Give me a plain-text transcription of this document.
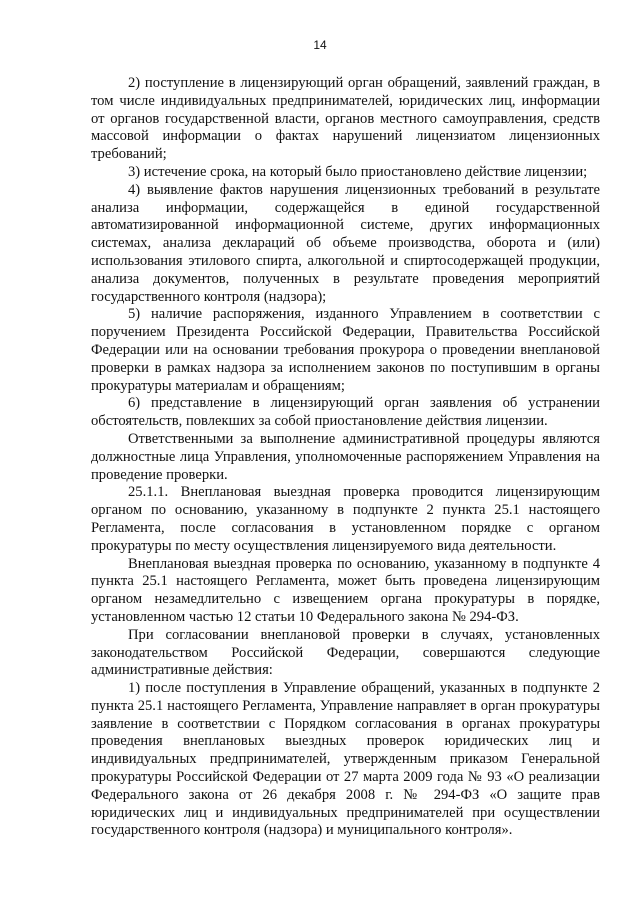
14

2) поступление в лицензирующий орган обращений, заявлений граждан, в том числе индивидуальных предпринимателей, юридических лиц, информации от органов государственной власти, органов местного самоуправления, средств массовой информации о фактах нарушений лицензиатом лицензионных требований;

3) истечение срока, на который было приостановлено действие лицензии;

4) выявление фактов нарушения лицензионных требований в результате анализа информации, содержащейся в единой государственной автоматизированной информационной системе, других информационных системах, анализа деклараций об объеме производства, оборота и (или) использования этилового спирта, алкогольной и спиртосодержащей продукции, анализа документов, полученных в результате проведения мероприятий государственного контроля (надзора);

5) наличие распоряжения, изданного Управлением в соответствии с поручением Президента Российской Федерации, Правительства Российской Федерации или на основании требования прокурора о проведении внеплановой проверки в рамках надзора за исполнением законов по поступившим в органы прокуратуры материалам и обращениям;

6) представление в лицензирующий орган заявления об устранении обстоятельств, повлекших за собой приостановление действия лицензии.

Ответственными за выполнение административной процедуры являются должностные лица Управления, уполномоченные распоряжением Управления на проведение проверки.

25.1.1. Внеплановая выездная проверка проводится лицензирующим органом по основанию, указанному в подпункте 2 пункта 25.1 настоящего Регламента, после согласования в установленном порядке с органом прокуратуры по месту осуществления лицензируемого вида деятельности.

Внеплановая выездная проверка по основанию, указанному в подпункте 4 пункта 25.1 настоящего Регламента, может быть проведена лицензирующим органом незамедлительно с извещением органа прокуратуры в порядке, установленном частью 12 статьи 10 Федерального закона № 294-ФЗ.

При согласовании внеплановой проверки в случаях, установленных законодательством Российской Федерации, совершаются следующие административные действия:

1) после поступления в Управление обращений, указанных в подпункте 2 пункта 25.1 настоящего Регламента, Управление направляет в орган прокуратуры заявление в соответствии с Порядком согласования в органах прокуратуры проведения внеплановых выездных проверок юридических лиц и индивидуальных предпринимателей, утвержденным приказом Генеральной прокуратуры Российской Федерации от 27 марта 2009 года № 93 «О реализации Федерального закона от 26 декабря 2008 г. № 294-ФЗ «О защите прав юридических лиц и индивидуальных предпринимателей при осуществлении государственного контроля (надзора) и муниципального контроля».
